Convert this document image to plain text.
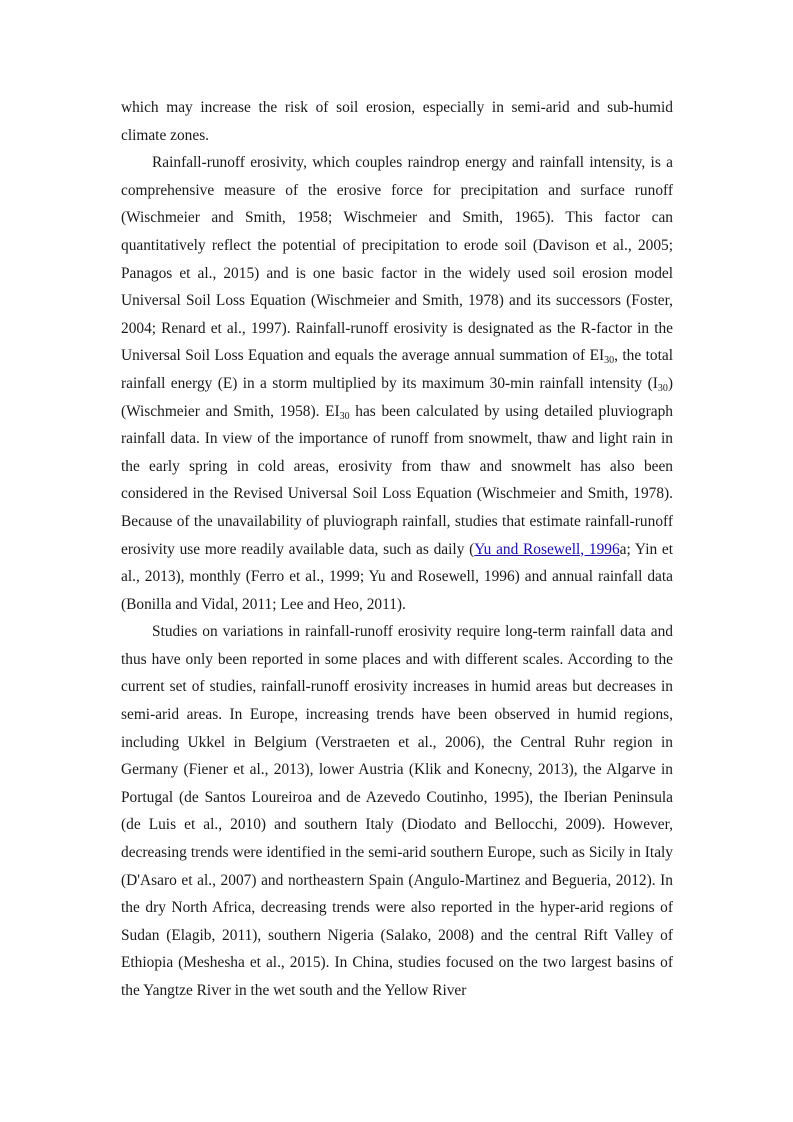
which may increase the risk of soil erosion, especially in semi-arid and sub-humid climate zones.

Rainfall-runoff erosivity, which couples raindrop energy and rainfall intensity, is a comprehensive measure of the erosive force for precipitation and surface runoff (Wischmeier and Smith, 1958; Wischmeier and Smith, 1965). This factor can quantitatively reflect the potential of precipitation to erode soil (Davison et al., 2005; Panagos et al., 2015) and is one basic factor in the widely used soil erosion model Universal Soil Loss Equation (Wischmeier and Smith, 1978) and its successors (Foster, 2004; Renard et al., 1997). Rainfall-runoff erosivity is designated as the R-factor in the Universal Soil Loss Equation and equals the average annual summation of $EI_{30}$, the total rainfall energy (E) in a storm multiplied by its maximum 30-min rainfall intensity $(I_{30})$ (Wischmeier and Smith, 1958). $EI_{30}$ has been calculated by using detailed pluviograph rainfall data. In view of the importance of runoff from snowmelt, thaw and light rain in the early spring in cold areas, erosivity from thaw and snowmelt has also been considered in the Revised Universal Soil Loss Equation (Wischmeier and Smith, 1978). Because of the unavailability of pluviograph rainfall, studies that estimate rainfall-runoff erosivity use more readily available data, such as daily (Yu and Rosewell, 1996a; Yin et al., 2013), monthly (Ferro et al., 1999; Yu and Rosewell, 1996) and annual rainfall data (Bonilla and Vidal, 2011; Lee and Heo, 2011).

Studies on variations in rainfall-runoff erosivity require long-term rainfall data and thus have only been reported in some places and with different scales. According to the current set of studies, rainfall-runoff erosivity increases in humid areas but decreases in semi-arid areas. In Europe, increasing trends have been observed in humid regions, including Ukkel in Belgium (Verstraeten et al., 2006), the Central Ruhr region in Germany (Fiener et al., 2013), lower Austria (Klik and Konecny, 2013), the Algarve in Portugal (de Santos Loureiroa and de Azevedo Coutinho, 1995), the Iberian Peninsula (de Luis et al., 2010) and southern Italy (Diodato and Bellocchi, 2009). However, decreasing trends were identified in the semi-arid southern Europe, such as Sicily in Italy (D'Asaro et al., 2007) and northeastern Spain (Angulo-Martinez and Begueria, 2012). In the dry North Africa, decreasing trends were also reported in the hyper-arid regions of Sudan (Elagib, 2011), southern Nigeria (Salako, 2008) and the central Rift Valley of Ethiopia (Meshesha et al., 2015). In China, studies focused on the two largest basins of the Yangtze River in the wet south and the Yellow River
